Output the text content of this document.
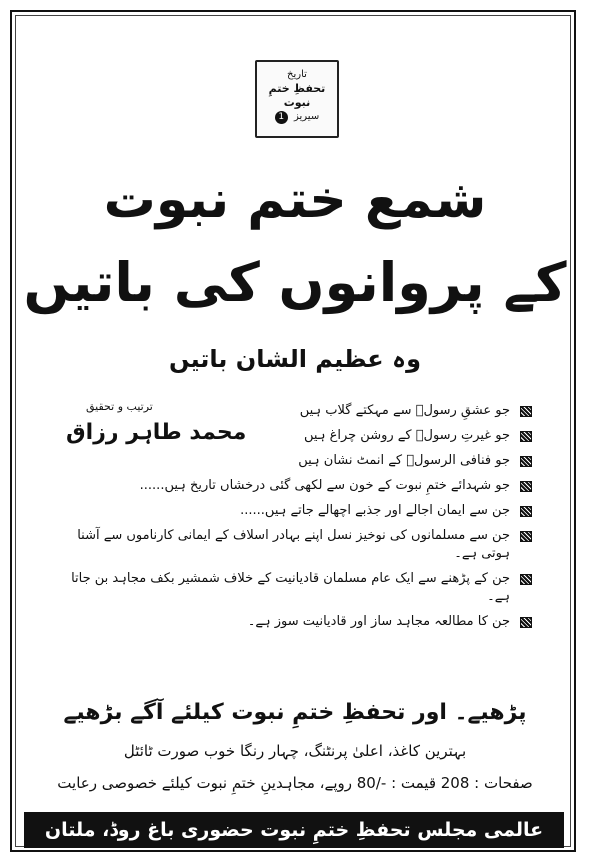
تاریخ
تحفظِ ختمِ نبوت
سیریز 1
شمع ختم نبوت
کے پروانوں کی باتیں
وہ عظیم الشان باتیں
ترتیب و تحقیق
محمد طاہر رزاق
جو عشقِ رسولؐ سے مہکتے گلاب ہیں
جو غیرتِ رسولؐ کے روشن چراغ ہیں
جو فنافی الرسولؐ کے انمٹ نشان ہیں
جو شہدائے ختمِ نبوت کے خون سے لکھی گئی درخشاں تاریخ ہیں......
جن سے ایمان اجالے اور جذبے اچھالے جاتے ہیں......
جن سے مسلمانوں کی نوخیز نسل اپنے بہادر اسلاف کے ایمانی کارناموں سے آشنا ہوتی ہے۔
جن کے پڑھنے سے ایک عام مسلمان قادیانیت کے خلاف شمشیر بکف مجاہد بن جاتا ہے۔
جن کا مطالعہ مجاہد ساز اور قادیانیت سوز ہے۔
پڑھیے۔ اور تحفظِ ختمِ نبوت کیلئے آگے بڑھیے
بہترین کاغذ، اعلیٰ پرنٹنگ، چہار رنگا خوب صورت ٹائٹل
صفحات : 208 قیمت : -/80 روپے، مجاہدینِ ختمِ نبوت کیلئے خصوصی رعایت
عالمی مجلس تحفظِ ختمِ نبوت حضوری باغ روڈ، ملتان
